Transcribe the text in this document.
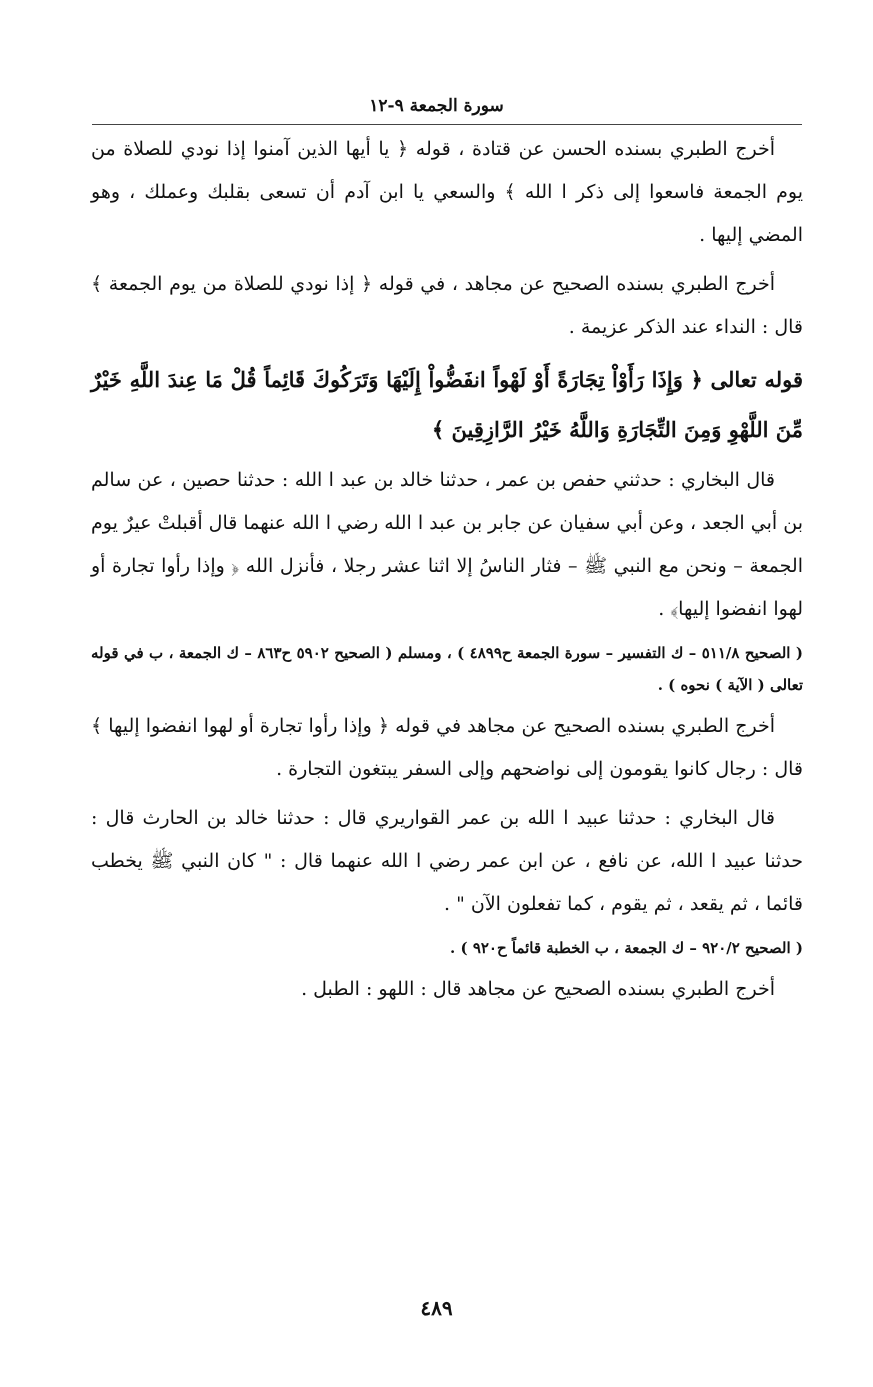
سورة الجمعة ٩-١٢

أخرج الطبري بسنده الحسن عن قتادة ، قوله ﴿ يا أيها الذين آمنوا إذا نودي للصلاة من يوم الجمعة فاسعوا إلى ذكر ا الله ﴾ والسعي يا ابن آدم أن تسعى بقلبك وعملك ، وهو المضي إليها .

أخرج الطبري بسنده الصحيح عن مجاهد ، في قوله ﴿ إذا نودي للصلاة من يوم الجمعة ﴾ قال : النداء عند الذكر عزيمة .

قوله تعالى ﴿ وَإِذَا رَأَوْاْ تِجَارَةً أَوْ لَهْواً انفَضُّواْ إِلَيْهَا وَتَرَكُوكَ قَائِماً قُلْ مَا عِندَ اللَّهِ خَيْرٌ مِّنَ اللَّهْوِ وَمِنَ التِّجَارَةِ وَاللَّهُ خَيْرُ الرَّازِقِينَ ﴾

قال البخاري : حدثني حفص بن عمر ، حدثنا خالد بن عبد ا الله : حدثنا حصين ، عن سالم بن أبي الجعد ، وعن أبي سفيان عن جابر بن عبد ا الله رضي ا الله عنهما قال أقبلتْ عيرٌ يوم الجمعة – ونحن مع النبي ﷺ – فثار الناسُ إلا اثنا عشر رجلا ، فأنزل الله ﴿ وإذا رأوا تجارة أو لهوا انفضوا إليها﴾ .

( الصحيح ٥١١/٨ – ك التفسير – سورة الجمعة ح٤٨٩٩ ) ، ومسلم ( الصحيح ٥٩٠٢ ح٨٦٣ – ك الجمعة ، ب في قوله تعالى ( الآية ) نحوه ) .

أخرج الطبري بسنده الصحيح عن مجاهد في قوله ﴿ وإذا رأوا تجارة أو لهوا انفضوا إليها ﴾ قال : رجال كانوا يقومون إلى نواضحهم وإلى السفر يبتغون التجارة .

قال البخاري : حدثنا عبيد ا الله بن عمر القواريري قال : حدثنا خالد بن الحارث قال : حدثنا عبيد ا الله، عن نافع ، عن ابن عمر رضي ا الله عنهما قال : " كان النبي ﷺ يخطب قائما ، ثم يقعد ، ثم يقوم ، كما تفعلون الآن " .

( الصحيح ٩٢٠/٢ – ك الجمعة ، ب الخطبة قائماً ح٩٢٠ ) .

أخرج الطبري بسنده الصحيح عن مجاهد قال : اللهو : الطبل .

٤٨٩
